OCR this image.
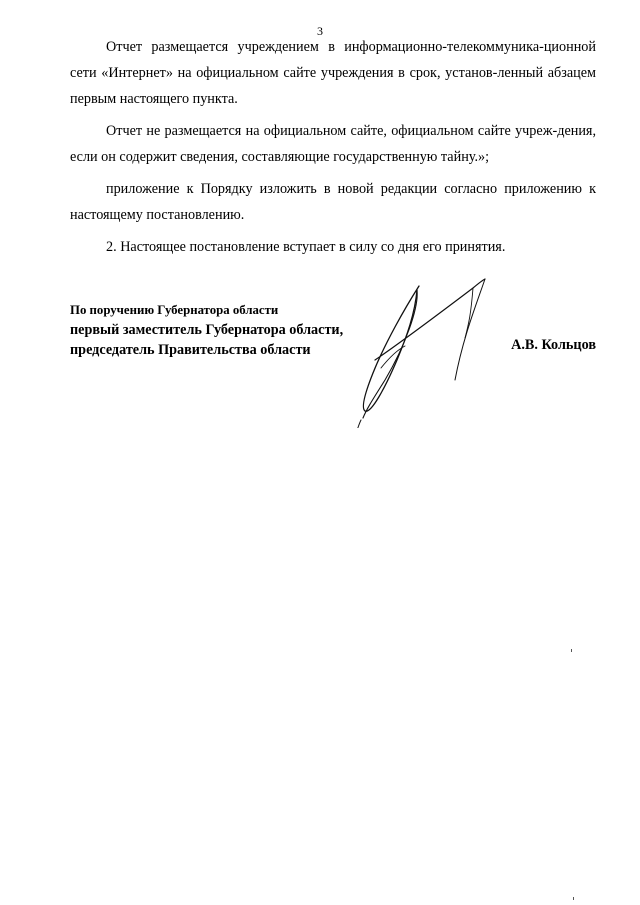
3

Отчет размещается учреждением в информационно-телекоммуника-ционной сети «Интернет» на официальном сайте учреждения в срок, установ-ленный абзацем первым настоящего пункта.

Отчет не размещается на официальном сайте, официальном сайте учреж-дения, если он содержит сведения, составляющие государственную тайну.»;

приложение к Порядку изложить в новой редакции согласно приложению к настоящему постановлению.

2. Настоящее постановление вступает в силу со дня его принятия.

По поручению Губернатора области

первый заместитель Губернатора области,

председатель Правительства области	А.В. Кольцов
